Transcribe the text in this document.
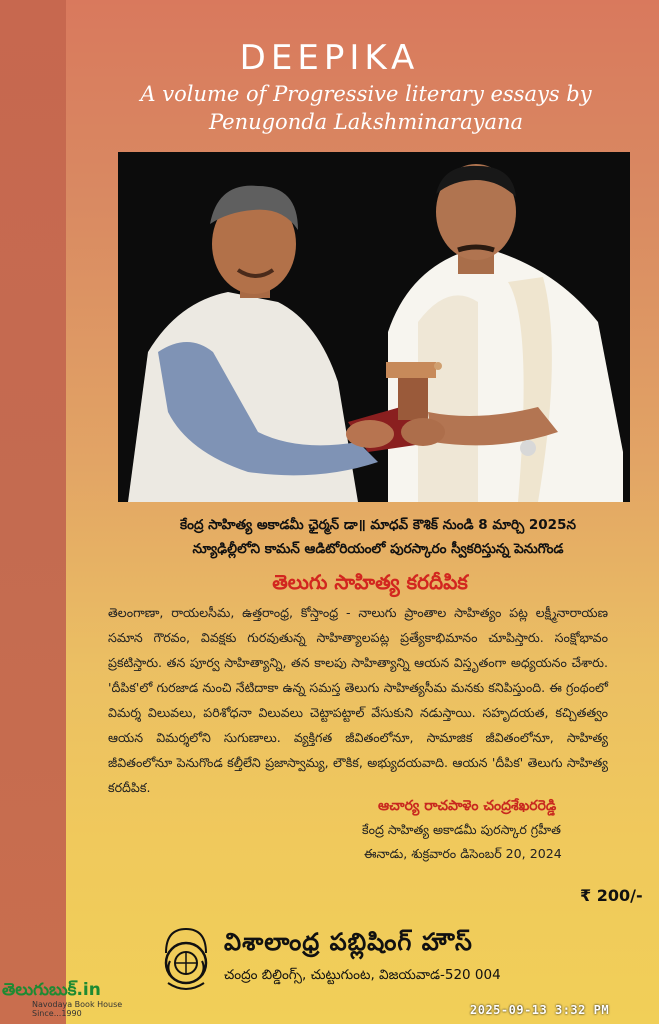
DEEPIKA
A volume of Progressive literary essays by
Penugonda Lakshminarayana
కేంద్ర సాహిత్య అకాడమీ ఛైర్మన్ డా॥ మాధవ్ కౌశిక్ నుండి 8 మార్చి 2025న
న్యూఢిల్లీలోని కామన్ ఆడిటోరియంలో పురస్కారం స్వీకరిస్తున్న పెనుగొండ
తెలుగు సాహిత్య కరదీపిక
తెలంగాణా, రాయలసీమ, ఉత్తరాంధ్ర, కోస్తాంధ్ర - నాలుగు ప్రాంతాల సాహిత్యం పట్ల లక్ష్మీనారాయణ సమాన గౌరవం, వివక్షకు గురవుతున్న సాహిత్యాలపట్ల ప్రత్యేకాభిమానం చూపిస్తారు. సంక్షోభావం ప్రకటిస్తారు. తన పూర్వ సాహిత్యాన్ని, తన కాలపు సాహిత్యాన్ని ఆయన విస్తృతంగా అధ్యయనం చేశారు. 'దీపిక'లో గురజాడ నుంచి నేటిదాకా ఉన్న సమస్త తెలుగు సాహిత్యసీమ మనకు కనిపిస్తుంది. ఈ గ్రంథంలో విమర్శ విలువలు, పరిశోధనా విలువలు చెట్టాపట్టాల్ వేసుకుని నడుస్తాయి. సహృదయత, కచ్చితత్వం ఆయన విమర్శలోని సుగుణాలు. వ్యక్తిగత జీవితంలోనూ, సామాజిక జీవితంలోనూ, సాహిత్య జీవితంలోనూ పెనుగొండ కల్తీలేని ప్రజాస్వామ్య, లౌకిక, అభ్యుదయవాది. ఆయన 'దీపిక' తెలుగు సాహిత్య కరదీపిక.
ఆచార్య రాచపాళెం చంద్రశేఖరరెడ్డి
కేంద్ర సాహిత్య అకాడమీ పురస్కార గ్రహీత
ఈనాడు, శుక్రవారం డిసెంబర్ 20, 2024
₹ 200/-
విశాలాంధ్ర పబ్లిషింగ్ హౌస్
చంద్రం బిల్డింగ్స్, చుట్టుగుంట, విజయవాడ-520 004
తెలుగుబుక్.in
Navodaya Book House
Since...1990	2025-09-13 3:32 PM
